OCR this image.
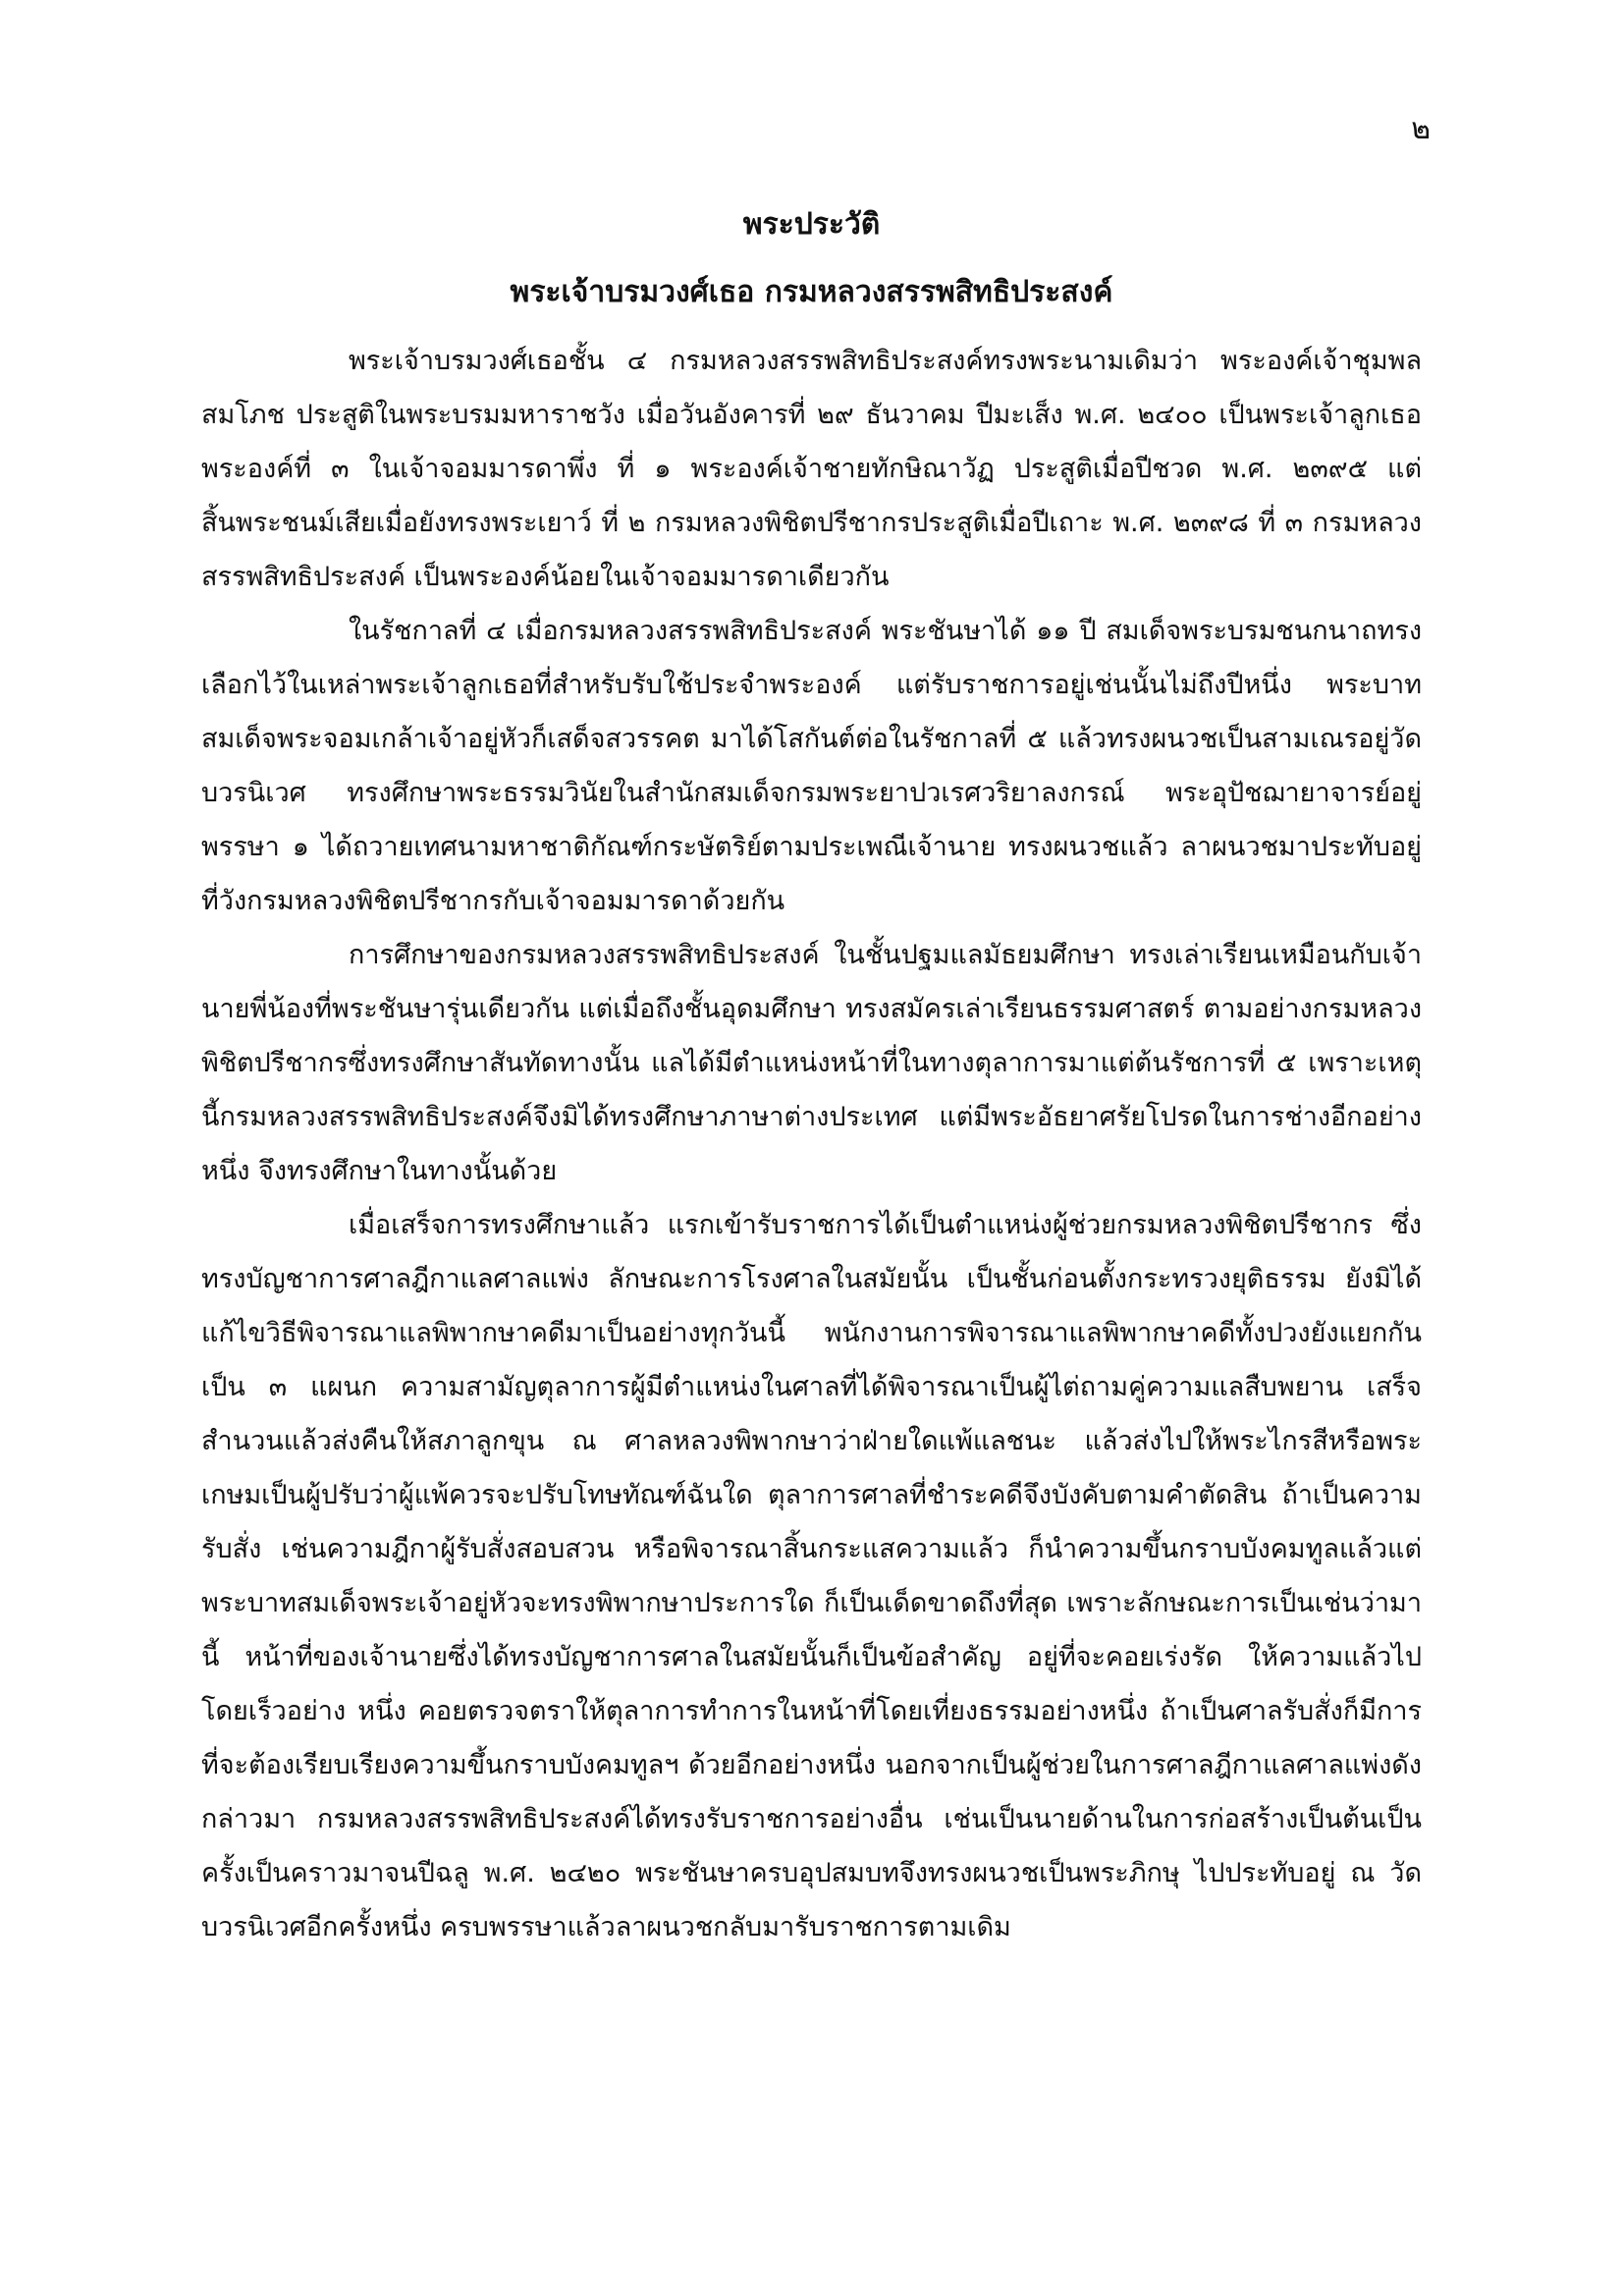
๒
พระประวัติ
พระเจ้าบรมวงศ์เธอ กรมหลวงสรรพสิทธิประสงค์

พระเจ้าบรมวงศ์เธอชั้น ๔ กรมหลวงสรรพสิทธิประสงค์ทรงพระนามเดิมว่า พระองค์เจ้าชุมพลสมโภช ประสูติในพระบรมมหาราชวัง เมื่อวันอังคารที่ ๒๙ ธันวาคม ปีมะเส็ง พ.ศ. ๒๔๐๐ เป็นพระเจ้าลูกเธอพระองค์ที่ ๓ ในเจ้าจอมมารดาพึ่ง ที่ ๑ พระองค์เจ้าชายทักษิณาวัฏ ประสูติเมื่อปีชวด พ.ศ. ๒๓๙๕ แต่สิ้นพระชนม์เสียเมื่อยังทรงพระเยาว์ ที่ ๒ กรมหลวงพิชิตปรีชากรประสูติเมื่อปีเถาะ พ.ศ. ๒๓๙๘ ที่ ๓ กรมหลวงสรรพสิทธิประสงค์ เป็นพระองค์น้อยในเจ้าจอมมารดาเดียวกัน

ในรัชกาลที่ ๔ เมื่อกรมหลวงสรรพสิทธิประสงค์ พระชันษาได้ ๑๑ ปี สมเด็จพระบรมชนกนาถทรงเลือกไว้ในเหล่าพระเจ้าลูกเธอที่สำหรับรับใช้ประจำพระองค์ แต่รับราชการอยู่เช่นนั้นไม่ถึงปีหนึ่ง พระบาทสมเด็จพระจอมเกล้าเจ้าอยู่หัวก็เสด็จสวรรคต มาได้โสกันต์ต่อในรัชกาลที่ ๕ แล้วทรงผนวชเป็นสามเณรอยู่วัดบวรนิเวศ ทรงศึกษาพระธรรมวินัยในสำนักสมเด็จกรมพระยาปวเรศวริยาลงกรณ์ พระอุปัชฌายาจารย์อยู่พรรษา ๑ ได้ถวายเทศนามหาชาติกัณฑ์กระษัตริย์ตามประเพณีเจ้านาย ทรงผนวชแล้ว ลาผนวชมาประทับอยู่ที่วังกรมหลวงพิชิตปรีชากรกับเจ้าจอมมารดาด้วยกัน

การศึกษาของกรมหลวงสรรพสิทธิประสงค์ ในชั้นปฐมแลมัธยมศึกษา ทรงเล่าเรียนเหมือนกับเจ้านายพี่น้องที่พระชันษารุ่นเดียวกัน แต่เมื่อถึงชั้นอุดมศึกษา ทรงสมัครเล่าเรียนธรรมศาสตร์ ตามอย่างกรมหลวงพิชิตปรีชากรซึ่งทรงศึกษาสันทัดทางนั้น แลได้มีตำแหน่งหน้าที่ในทางตุลาการมาแต่ต้นรัชการที่ ๕ เพราะเหตุนี้กรมหลวงสรรพสิทธิประสงค์จึงมิได้ทรงศึกษาภาษาต่างประเทศ แต่มีพระอัธยาศรัยโปรดในการช่างอีกอย่างหนึ่ง จึงทรงศึกษาในทางนั้นด้วย

เมื่อเสร็จการทรงศึกษาแล้ว แรกเข้ารับราชการได้เป็นตำแหน่งผู้ช่วยกรมหลวงพิชิตปรีชากร ซึ่งทรงบัญชาการศาลฎีกาแลศาลแพ่ง ลักษณะการโรงศาลในสมัยนั้น เป็นชั้นก่อนตั้งกระทรวงยุติธรรม ยังมิได้แก้ไขวิธีพิจารณาแลพิพากษาคดีมาเป็นอย่างทุกวันนี้ พนักงานการพิจารณาแลพิพากษาคดีทั้งปวงยังแยกกันเป็น ๓ แผนก ความสามัญตุลาการผู้มีตำแหน่งในศาลที่ได้พิจารณาเป็นผู้ไต่ถามคู่ความแลสืบพยาน เสร็จสำนวนแล้วส่งคืนให้สภาลูกขุน ณ ศาลหลวงพิพากษาว่าฝ่ายใดแพ้แลชนะ แล้วส่งไปให้พระไกรสีหรือพระเกษมเป็นผู้ปรับว่าผู้แพ้ควรจะปรับโทษทัณฑ์ฉันใด ตุลาการศาลที่ชำระคดีจึงบังคับตามคำตัดสิน ถ้าเป็นความรับสั่ง เช่นความฎีกาผู้รับสั่งสอบสวน หรือพิจารณาสิ้นกระแสความแล้ว ก็นำความขึ้นกราบบังคมทูลแล้วแต่ พระบาทสมเด็จพระเจ้าอยู่หัวจะทรงพิพากษาประการใด ก็เป็นเด็ดขาดถึงที่สุด เพราะลักษณะการเป็นเช่นว่ามานี้ หน้าที่ของเจ้านายซึ่งได้ทรงบัญชาการศาลในสมัยนั้นก็เป็นข้อสำคัญ อยู่ที่จะคอยเร่งรัด ให้ความแล้วไป โดยเร็วอย่าง หนึ่ง คอยตรวจตราให้ตุลาการทำการในหน้าที่โดยเที่ยงธรรมอย่างหนึ่ง ถ้าเป็นศาลรับสั่งก็มีการที่จะต้องเรียบเรียงความขึ้นกราบบังคมทูลฯ ด้วยอีกอย่างหนึ่ง นอกจากเป็นผู้ช่วยในการศาลฎีกาแลศาลแพ่งดังกล่าวมา กรมหลวงสรรพสิทธิประสงค์ได้ทรงรับราชการอย่างอื่น เช่นเป็นนายด้านในการก่อสร้างเป็นต้นเป็นครั้งเป็นคราวมาจนปีฉลู พ.ศ. ๒๔๒๐ พระชันษาครบอุปสมบทจึงทรงผนวชเป็นพระภิกษุ ไปประทับอยู่ ณ วัดบวรนิเวศอีกครั้งหนึ่ง ครบพรรษาแล้วลาผนวชกลับมารับราชการตามเดิม
